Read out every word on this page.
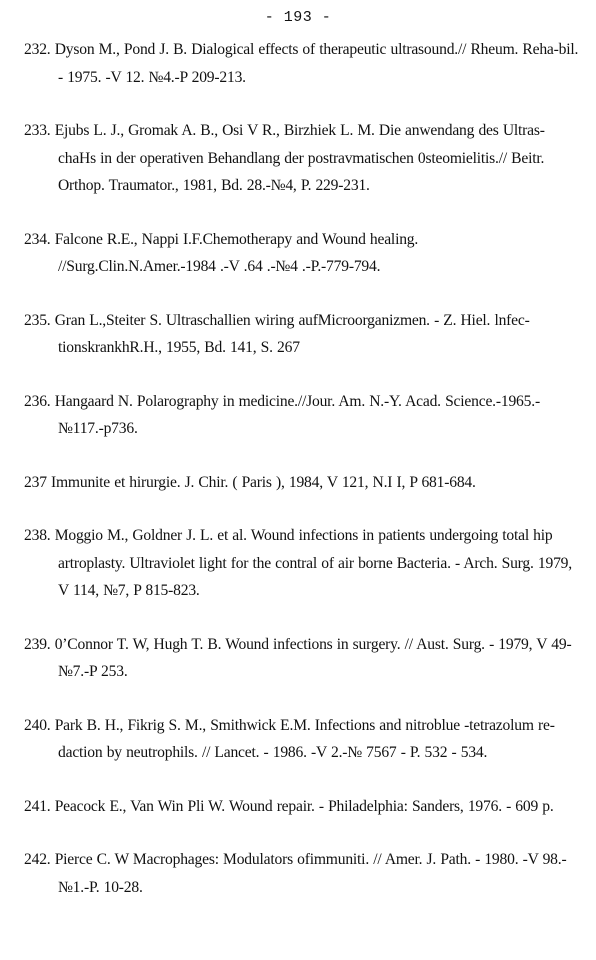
- 193 -
232. Dyson M., Pond J. B. Dialogical effects of therapeutic ultrasound.// Rheum. Reha-bil. - 1975. -V 12. №4.-P 209-213.
233. Ejubs L. J., Gromak A. B., Osi V R., Birzhiek L. M. Die anwendang des Ultras-chaHs in der operativen Behandlang der postravmatischen 0steomielitis.// Beitr. Orthop. Traumator., 1981, Bd. 28.-№4, P. 229-231.
234. Falcone R.E., Nappi I.F.Chemotherapy and Wound healing. //Surg.Clin.N.Amer.-1984 .-V .64 .-№4 .-P.-779-794.
235. Gran L.,Steiter S. Ultraschallien wiring aufMicroorganizmen. - Z. Hiel. lnfec-tionskrankhR.H., 1955, Bd. 141, S. 267
236. Hangaard N. Polarography in medicine.//Jour. Am. N.-Y. Acad. Science.-1965.-№117.-p736.
237 Immunite et hirurgie. J. Chir. ( Paris ), 1984, V 121, N.I I, P 681-684.
238. Moggio M., Goldner J. L. et al. Wound infections in patients undergoing total hip artroplasty. Ultraviolet light for the contral of air borne Bacteria. - Arch. Surg. 1979, V 114, №7, P 815-823.
239. 0’Connor T. W, Hugh T. B. Wound infections in surgery. // Aust. Surg. - 1979, V 49-№7.-P 253.
240. Park B. H., Fikrig S. M., Smithwick E.M. Infections and nitroblue -tetrazolum re-daction by neutrophils. // Lancet. - 1986. -V 2.-№ 7567 - P. 532 - 534.
241. Peacock E., Van Win Pli W. Wound repair. - Philadelphia: Sanders, 1976. - 609 p.
242. Pierce C. W Macrophages: Modulators ofimmuniti. // Amer. J. Path. - 1980. -V 98.-№1.-P. 10-28.
